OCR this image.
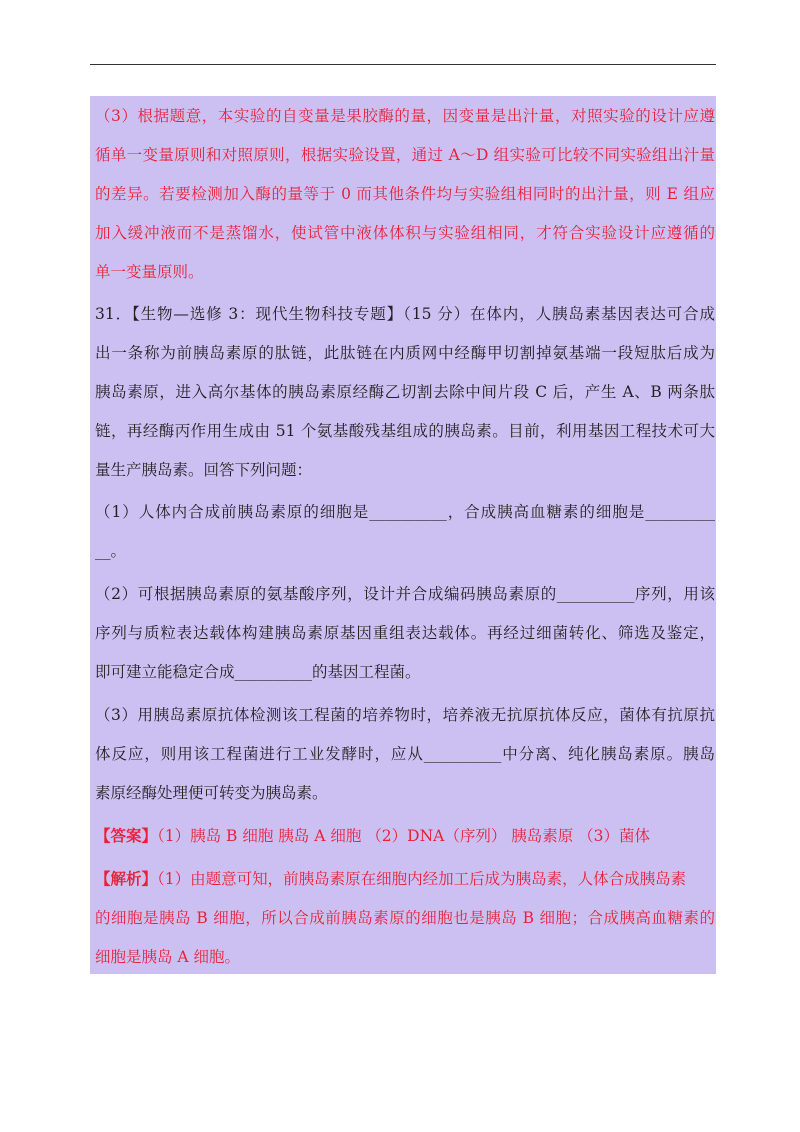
（3）根据题意，本实验的自变量是果胶酶的量，因变量是出汁量，对照实验的设计应遵
循单一变量原则和对照原则，根据实验设置，通过 A～D 组实验可比较不同实验组出汁量
的差异。若要检测加入酶的量等于 0 而其他条件均与实验组相同时的出汁量，则 E 组应
加入缓冲液而不是蒸馏水，使试管中液体体积与实验组相同，才符合实验设计应遵循的
单一变量原则。
31．【生物—选修 3：现代生物科技专题】（15 分）在体内，人胰岛素基因表达可合成
出一条称为前胰岛素原的肽链，此肽链在内质网中经酶甲切割掉氨基端一段短肽后成为
胰岛素原，进入高尔基体的胰岛素原经酶乙切割去除中间片段 C 后，产生 A、B 两条肽
链，再经酶丙作用生成由 51 个氨基酸残基组成的胰岛素。目前，利用基因工程技术可大
量生产胰岛素。回答下列问题：
（1）人体内合成前胰岛素原的细胞是__________，合成胰高血糖素的细胞是_________
__。
（2）可根据胰岛素原的氨基酸序列，设计并合成编码胰岛素原的__________序列，用该
序列与质粒表达载体构建胰岛素原基因重组表达载体。再经过细菌转化、筛选及鉴定，
即可建立能稳定合成__________的基因工程菌。
（3）用胰岛素原抗体检测该工程菌的培养物时，培养液无抗原抗体反应，菌体有抗原抗
体反应，则用该工程菌进行工业发酵时，应从__________中分离、纯化胰岛素原。胰岛
素原经酶处理便可转变为胰岛素。
【答案】（1）胰岛 B 细胞 胰岛 A 细胞 （2）DNA（序列） 胰岛素原 （3）菌体
【解析】（1）由题意可知，前胰岛素原在细胞内经加工后成为胰岛素，人体合成胰岛素
的细胞是胰岛 B 细胞，所以合成前胰岛素原的细胞也是胰岛 B 细胞；合成胰高血糖素的
细胞是胰岛 A 细胞。
